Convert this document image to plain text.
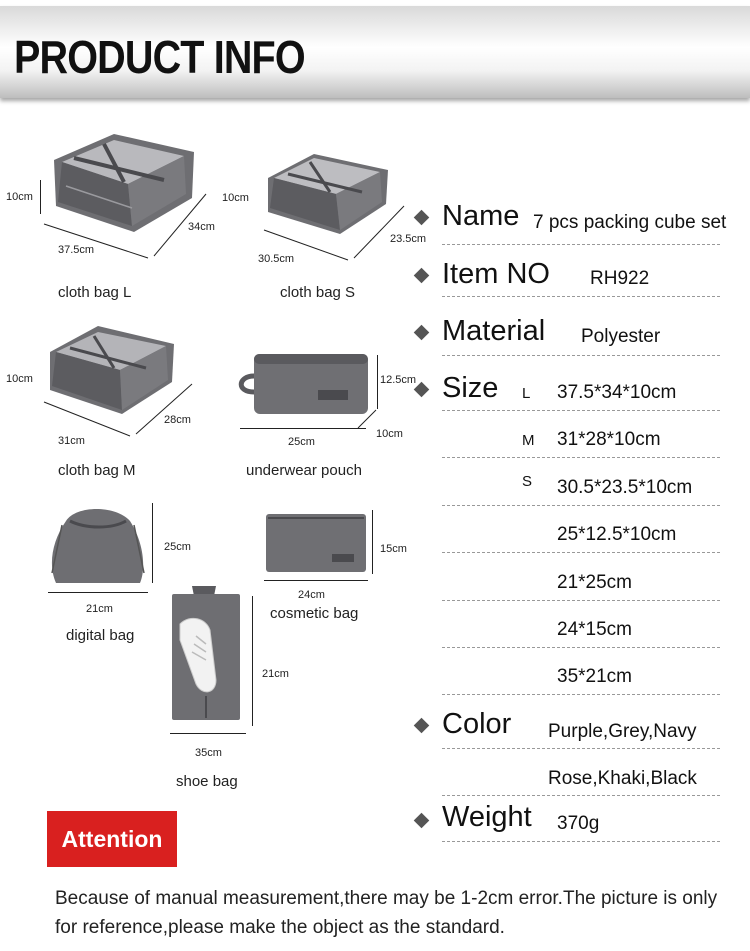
PRODUCT INFO
10cm
34cm
37.5cm
cloth bag L
10cm
23.5cm
30.5cm
cloth bag S
10cm
28cm
31cm
cloth bag M
12.5cm
10cm
25cm
underwear pouch
25cm
21cm
digital bag
15cm
24cm
cosmetic bag
21cm
35cm
shoe bag
Name 7 pcs packing cube set
Item NO RH922
Material Polyester
Size L 37.5*34*10cm
M 31*28*10cm
S 30.5*23.5*10cm
25*12.5*10cm
21*25cm
24*15cm
35*21cm
Color Purple,Grey,Navy
Rose,Khaki,Black
Weight 370g
Attention
Because of manual measurement,there may be 1-2cm error.The picture is only for reference,please make the object as the standard.
